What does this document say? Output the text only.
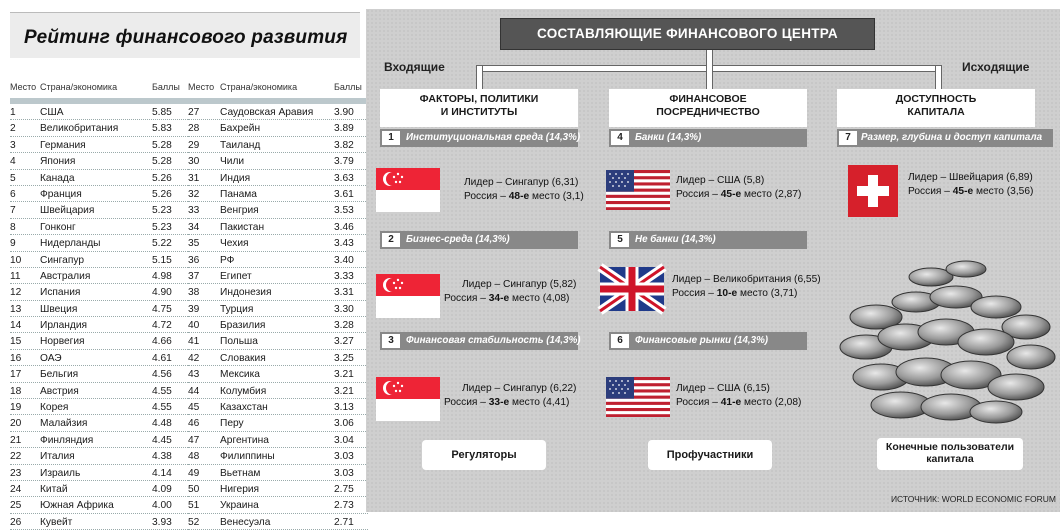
Рейтинг финансового развития
Место Страна/экономика	Баллы
1 США	5.85
2 Великобритания	5.83
3 Германия	5.28
4 Япония	5.28
5 Канада	5.26
6 Франция	5.26
7 Швейцария	5.23
8 Гонконг	5.23
9 Нидерланды	5.22
10 Сингапур	5.15
11 Австралия	4.98
12 Испания	4.90
13 Швеция	4.75
14 Ирландия	4.72
15 Норвегия	4.66
16 ОАЭ	4.61
17 Бельгия	4.56
18 Австрия	4.55
19 Корея	4.55
20 Малайзия	4.48
21 Финляндия	4.45
22 Италия	4.38
23 Израиль	4.14
24 Китай	4.09
25 Южная Африка	4.00
26 Кувейт	3.93
Место Страна/экономика	Баллы
27 Саудовская Аравия 3.90
28 Бахрейн	3.89
29 Таиланд	3.82
30 Чили	3.79
31 Индия	3.63
32 Панама	3.61
33 Венгрия	3.53
34 Пакистан	3.46
35 Чехия	3.43
36 РФ	3.40
37 Египет	3.33
38 Индонезия	3.31
39 Турция	3.30
40 Бразилия	3.28
41 Польша	3.27
42 Словакия	3.25
43 Мексика	3.21
44 Колумбия	3.21
45 Казахстан	3.13
46 Перу	3.06
47 Аргентина	3.04
48 Филиппины	3.03
49 Вьетнам	3.03
50 Нигерия	2.75
51 Украина	2.73
52 Венесуэла	2.71
СОСТАВЛЯЮЩИЕ ФИНАНСОВОГО ЦЕНТРА
Входящие	Исходящие
ФАКТОРЫ, ПОЛИТИКИ
И ИНСТИТУТЫ
1	Институциональная среда (14,3%)
Лидер – Сингапур (6,31)
Россия – 48-е место (3,1)
2	Бизнес-среда (14,3%)
Лидер – Сингапур (5,82)
Россия – 34-е место (4,08)
3	Финансовая стабильность (14,3%)
Лидер – Сингапур (6,22)
Россия – 33-е место (4,41)
Регуляторы
ФИНАНСОВОЕ
ПОСРЕДНИЧЕСТВО
4	Банки (14,3%)
Лидер – США (5,8)
Россия – 45-е место (2,87)
5	Не банки (14,3%)
Лидер – Великобритания (6,55)
Россия – 10-е место (3,71)
6	Финансовые рынки (14,3%)
Лидер – США (6,15)
Россия – 41-е место (2,08)
Профучастники
ДОСТУПНОСТЬ
КАПИТАЛА
7	Размер, глубина и доступ капитала
Лидер – Швейцария (6,89)
Россия – 45-е место (3,56)
Конечные пользователи
капитала
ИСТОЧНИК: WORLD ECONOMIC FORUM
